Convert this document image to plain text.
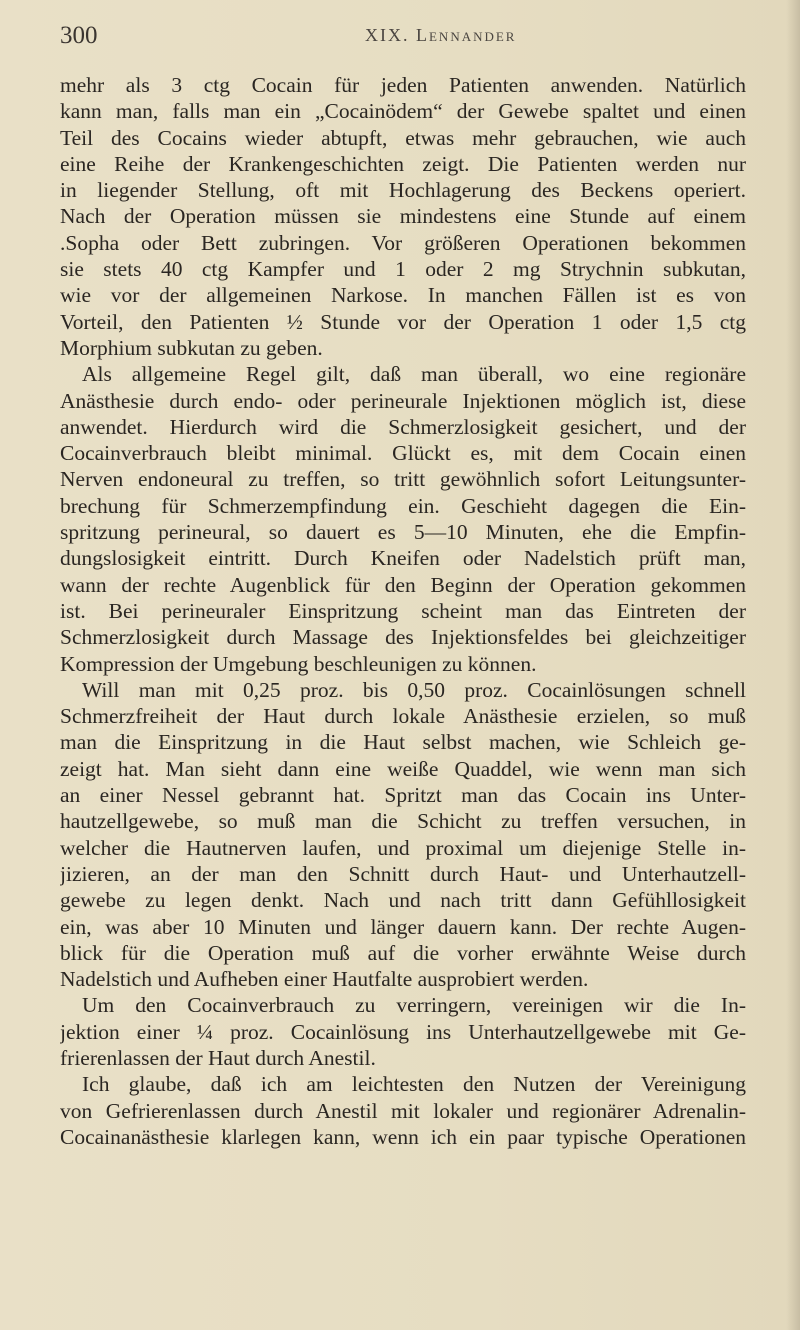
300	XIX. Lennander
mehr als 3 ctg Cocain für jeden Patienten anwenden. Natürlich
kann man, falls man ein „Cocainödem“ der Gewebe spaltet und einen
Teil des Cocains wieder abtupft, etwas mehr gebrauchen, wie auch
eine Reihe der Krankengeschichten zeigt. Die Patienten werden nur
in liegender Stellung, oft mit Hochlagerung des Beckens operiert.
Nach der Operation müssen sie mindestens eine Stunde auf einem
.Sopha oder Bett zubringen. Vor größeren Operationen bekommen
sie stets 40 ctg Kampfer und 1 oder 2 mg Strychnin subkutan,
wie vor der allgemeinen Narkose. In manchen Fällen ist es von
Vorteil, den Patienten ½ Stunde vor der Operation 1 oder 1,5 ctg
Morphium subkutan zu geben.
Als allgemeine Regel gilt, daß man überall, wo eine regionäre
Anästhesie durch endo- oder perineurale Injektionen möglich ist, diese
anwendet. Hierdurch wird die Schmerzlosigkeit gesichert, und der
Cocainverbrauch bleibt minimal. Glückt es, mit dem Cocain einen
Nerven endoneural zu treffen, so tritt gewöhnlich sofort Leitungsunter-
brechung für Schmerzempfindung ein. Geschieht dagegen die Ein-
spritzung perineural, so dauert es 5—10 Minuten, ehe die Empfin-
dungslosigkeit eintritt. Durch Kneifen oder Nadelstich prüft man,
wann der rechte Augenblick für den Beginn der Operation gekommen
ist. Bei perineuraler Einspritzung scheint man das Eintreten der
Schmerzlosigkeit durch Massage des Injektionsfeldes bei gleichzeitiger
Kompression der Umgebung beschleunigen zu können.
Will man mit 0,25 proz. bis 0,50 proz. Cocainlösungen schnell
Schmerzfreiheit der Haut durch lokale Anästhesie erzielen, so muß
man die Einspritzung in die Haut selbst machen, wie Schleich ge-
zeigt hat. Man sieht dann eine weiße Quaddel, wie wenn man sich
an einer Nessel gebrannt hat. Spritzt man das Cocain ins Unter-
hautzellgewebe, so muß man die Schicht zu treffen versuchen, in
welcher die Hautnerven laufen, und proximal um diejenige Stelle in-
jizieren, an der man den Schnitt durch Haut- und Unterhautzell-
gewebe zu legen denkt. Nach und nach tritt dann Gefühllosigkeit
ein, was aber 10 Minuten und länger dauern kann. Der rechte Augen-
blick für die Operation muß auf die vorher erwähnte Weise durch
Nadelstich und Aufheben einer Hautfalte ausprobiert werden.
Um den Cocainverbrauch zu verringern, vereinigen wir die In-
jektion einer ¼ proz. Cocainlösung ins Unterhautzellgewebe mit Ge-
frierenlassen der Haut durch Anestil.
Ich glaube, daß ich am leichtesten den Nutzen der Vereinigung
von Gefrierenlassen durch Anestil mit lokaler und regionärer Adrenalin-
Cocainanästhesie klarlegen kann, wenn ich ein paar typische Operationen
